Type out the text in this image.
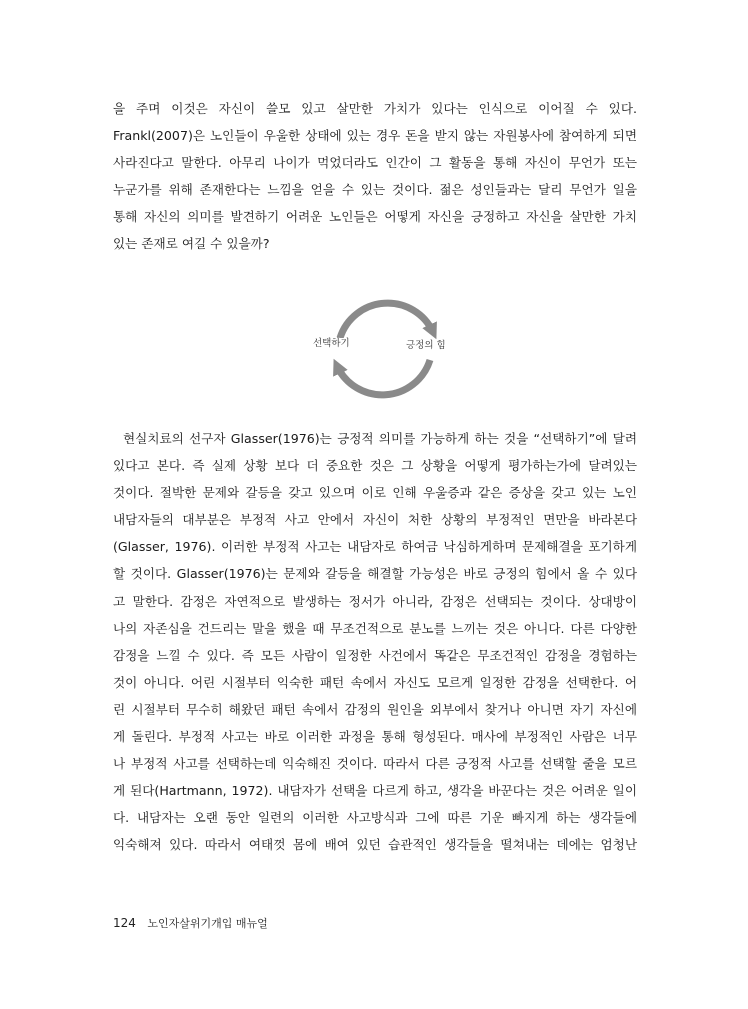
을 주며 이것은 자신이 쓸모 있고 살만한 가치가 있다는 인식으로 이어질 수 있다.
Frankl(2007)은 노인들이 우울한 상태에 있는 경우 돈을 받지 않는 자원봉사에 참여하게 되면
사라진다고 말한다. 아무리 나이가 먹었더라도 인간이 그 활동을 통해 자신이 무언가 또는
누군가를 위해 존재한다는 느낌을 얻을 수 있는 것이다. 젊은 성인들과는 달리 무언가 일을
통해 자신의 의미를 발견하기 어려운 노인들은 어떻게 자신을 긍정하고 자신을 살만한 가치
있는 존재로 여길 수 있을까?
선택하기	긍정의 힘
현실치료의 선구자 Glasser(1976)는 긍정적 의미를 가능하게 하는 것을 “선택하기”에 달려
있다고 본다. 즉 실제 상황 보다 더 중요한 것은 그 상황을 어떻게 평가하는가에 달려있는
것이다. 절박한 문제와 갈등을 갖고 있으며 이로 인해 우울증과 같은 증상을 갖고 있는 노인
내담자들의 대부분은 부정적 사고 안에서 자신이 처한 상황의 부정적인 면만을 바라본다
(Glasser, 1976). 이러한 부정적 사고는 내담자로 하여금 낙심하게하며 문제해결을 포기하게
할 것이다. Glasser(1976)는 문제와 갈등을 해결할 가능성은 바로 긍정의 힘에서 올 수 있다
고 말한다. 감정은 자연적으로 발생하는 정서가 아니라, 감정은 선택되는 것이다. 상대방이
나의 자존심을 건드리는 말을 했을 때 무조건적으로 분노를 느끼는 것은 아니다. 다른 다양한
감정을 느낄 수 있다. 즉 모든 사람이 일정한 사건에서 똑같은 무조건적인 감정을 경험하는
것이 아니다. 어린 시절부터 익숙한 패턴 속에서 자신도 모르게 일정한 감정을 선택한다. 어
린 시절부터 무수히 해왔던 패턴 속에서 감정의 원인을 외부에서 찾거나 아니면 자기 자신에
게 돌린다. 부정적 사고는 바로 이러한 과정을 통해 형성된다. 매사에 부정적인 사람은 너무
나 부정적 사고를 선택하는데 익숙해진 것이다. 따라서 다른 긍정적 사고를 선택할 줄을 모르
게 된다(Hartmann, 1972). 내담자가 선택을 다르게 하고, 생각을 바꾼다는 것은 어려운 일이
다. 내담자는 오랜 동안 일련의 이러한 사고방식과 그에 따른 기운 빠지게 하는 생각들에
익숙해져 있다. 따라서 여태껏 몸에 배여 있던 습관적인 생각들을 떨쳐내는 데에는 엄청난
124 노인자살위기개입 매뉴얼
